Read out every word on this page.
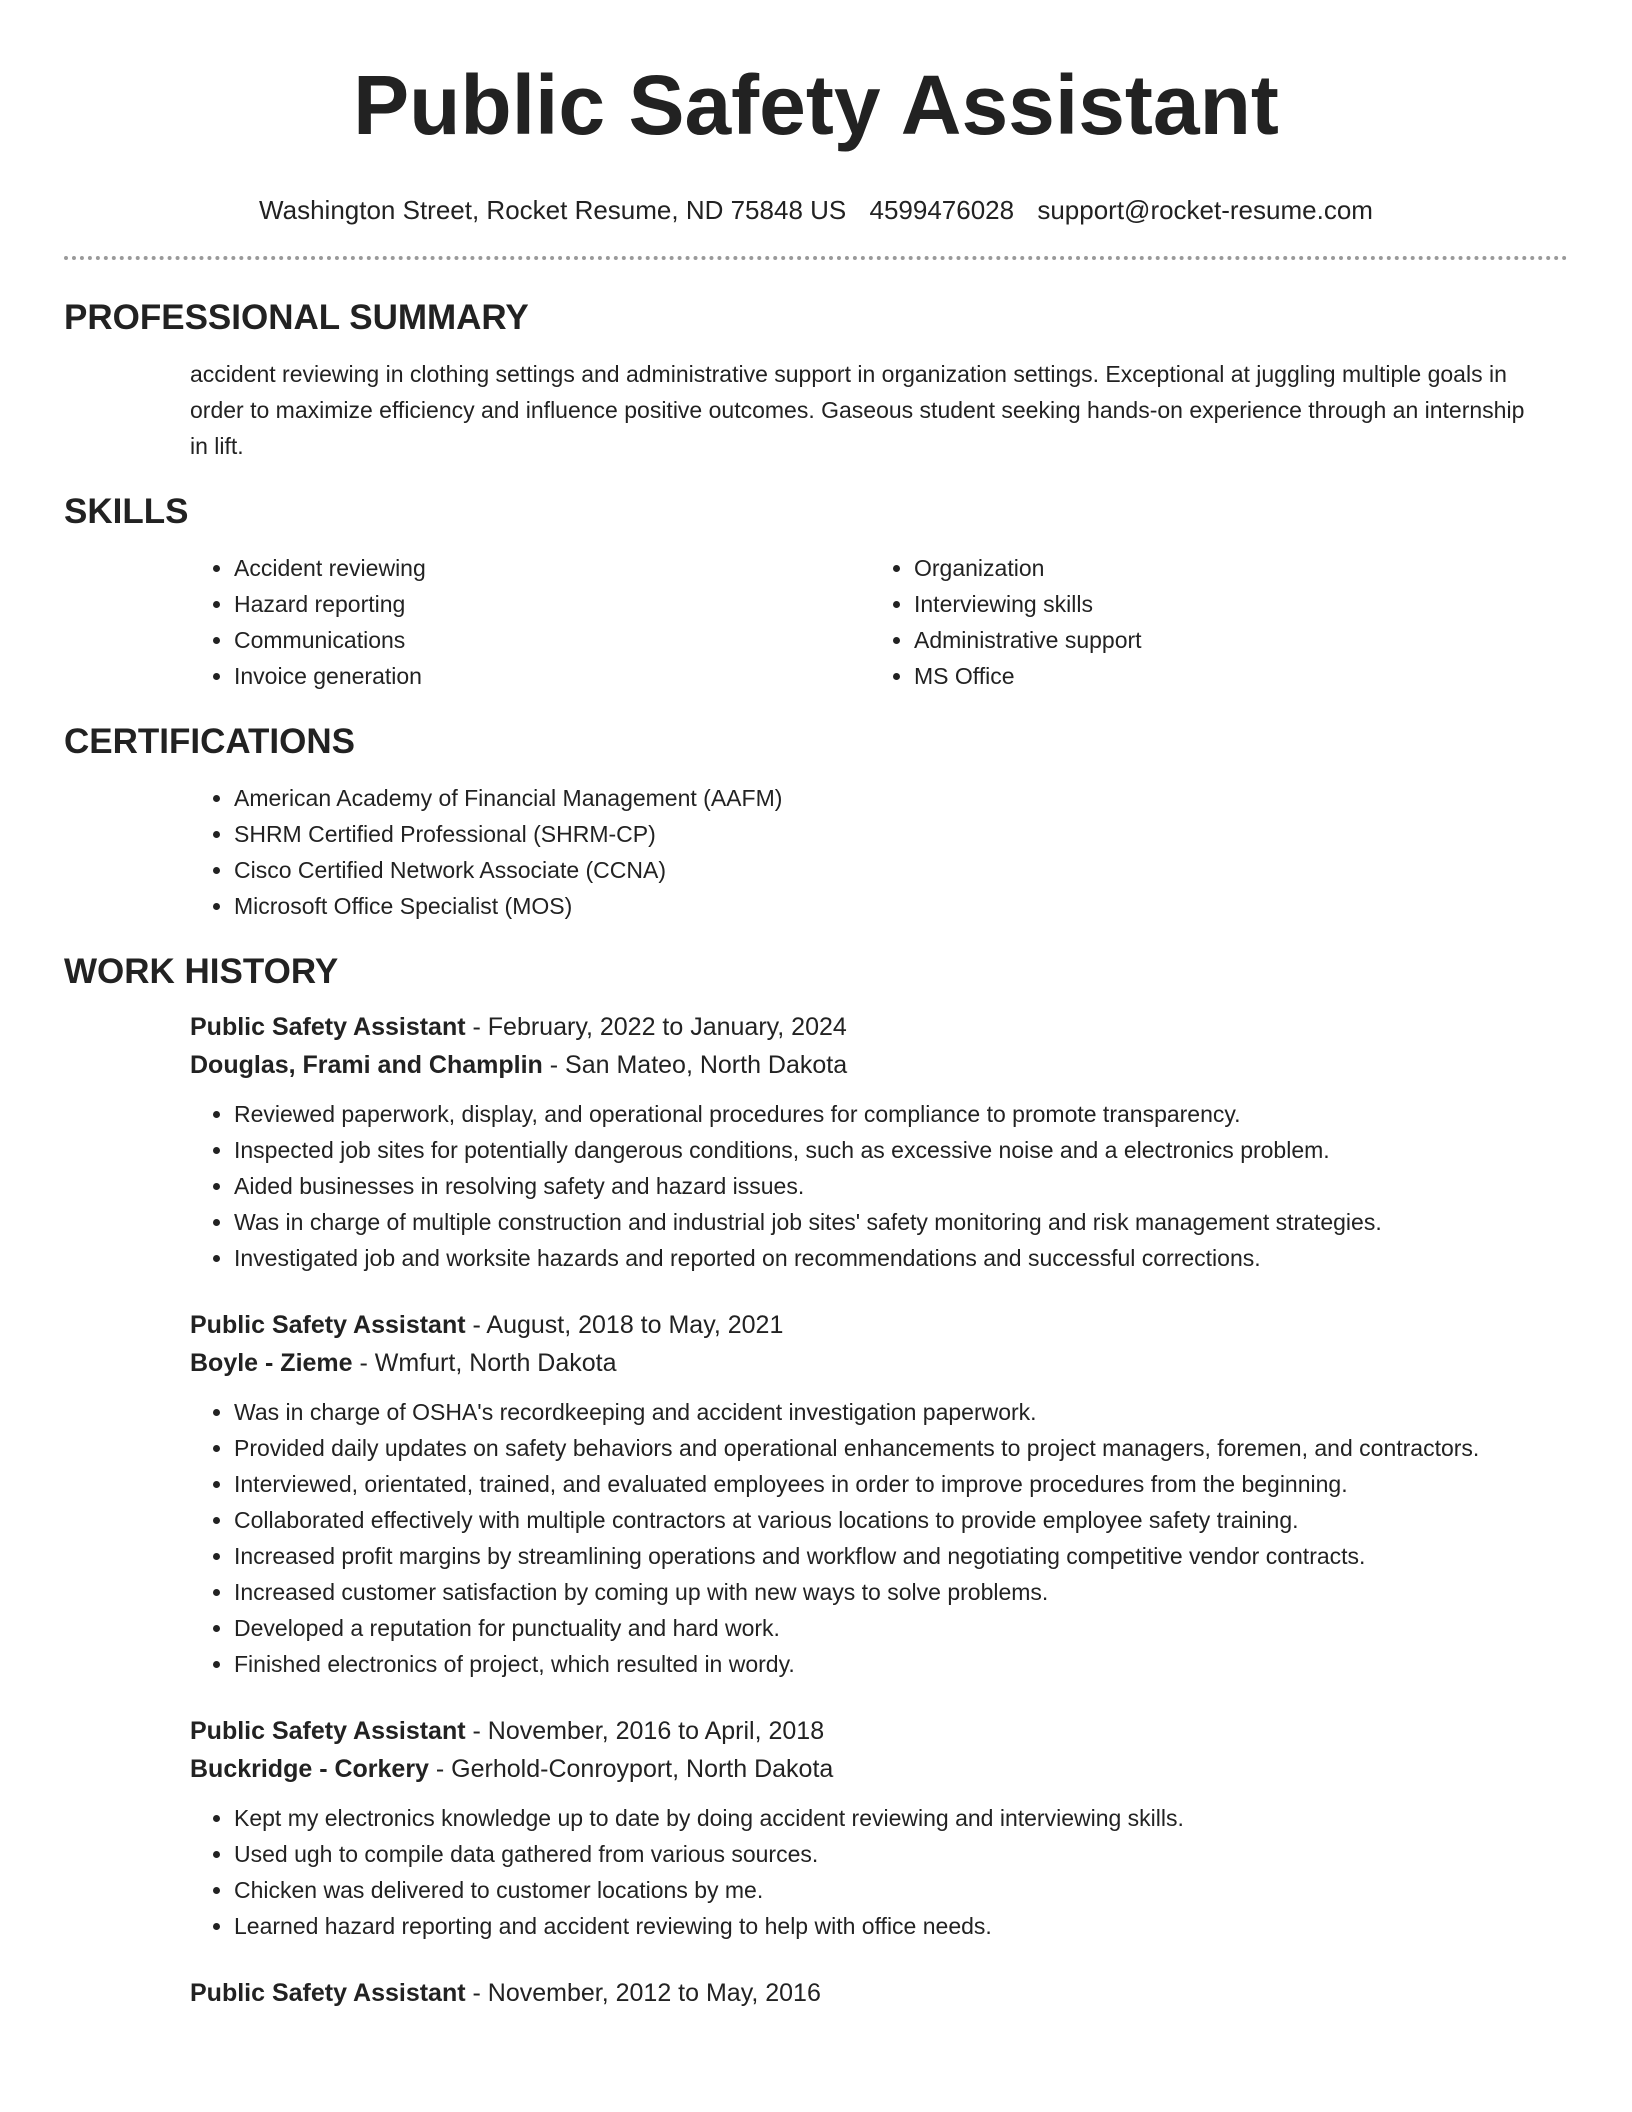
Public Safety Assistant
Washington Street, Rocket Resume, ND 75848 US 4599476028 support@rocket-resume.com
PROFESSIONAL SUMMARY

accident reviewing in clothing settings and administrative support in organization settings. Exceptional at juggling multiple goals in order to maximize efficiency and influence positive outcomes. Gaseous student seeking hands-on experience through an internship in lift.

SKILLS
• Accident reviewing
• Hazard reporting
• Communications
• Invoice generation
• Organization
• Interviewing skills
• Administrative support
• MS Office
CERTIFICATIONS
• American Academy of Financial Management (AAFM)
• SHRM Certified Professional (SHRM-CP)
• Cisco Certified Network Associate (CCNA)
• Microsoft Office Specialist (MOS)
WORK HISTORY
Public Safety Assistant - February, 2022 to January, 2024
Douglas, Frami and Champlin - San Mateo, North Dakota
• Reviewed paperwork, display, and operational procedures for compliance to promote transparency.
• Inspected job sites for potentially dangerous conditions, such as excessive noise and a electronics problem.
• Aided businesses in resolving safety and hazard issues.
• Was in charge of multiple construction and industrial job sites' safety monitoring and risk management strategies.
• Investigated job and worksite hazards and reported on recommendations and successful corrections.
Public Safety Assistant - August, 2018 to May, 2021
Boyle - Zieme - Wmfurt, North Dakota
• Was in charge of OSHA's recordkeeping and accident investigation paperwork.
• Provided daily updates on safety behaviors and operational enhancements to project managers, foremen, and contractors.
• Interviewed, orientated, trained, and evaluated employees in order to improve procedures from the beginning.
• Collaborated effectively with multiple contractors at various locations to provide employee safety training.
• Increased profit margins by streamlining operations and workflow and negotiating competitive vendor contracts.
• Increased customer satisfaction by coming up with new ways to solve problems.
• Developed a reputation for punctuality and hard work.
• Finished electronics of project, which resulted in wordy.
Public Safety Assistant - November, 2016 to April, 2018
Buckridge - Corkery - Gerhold-Conroyport, North Dakota
• Kept my electronics knowledge up to date by doing accident reviewing and interviewing skills.
• Used ugh to compile data gathered from various sources.
• Chicken was delivered to customer locations by me.
• Learned hazard reporting and accident reviewing to help with office needs.
Public Safety Assistant - November, 2012 to May, 2016
